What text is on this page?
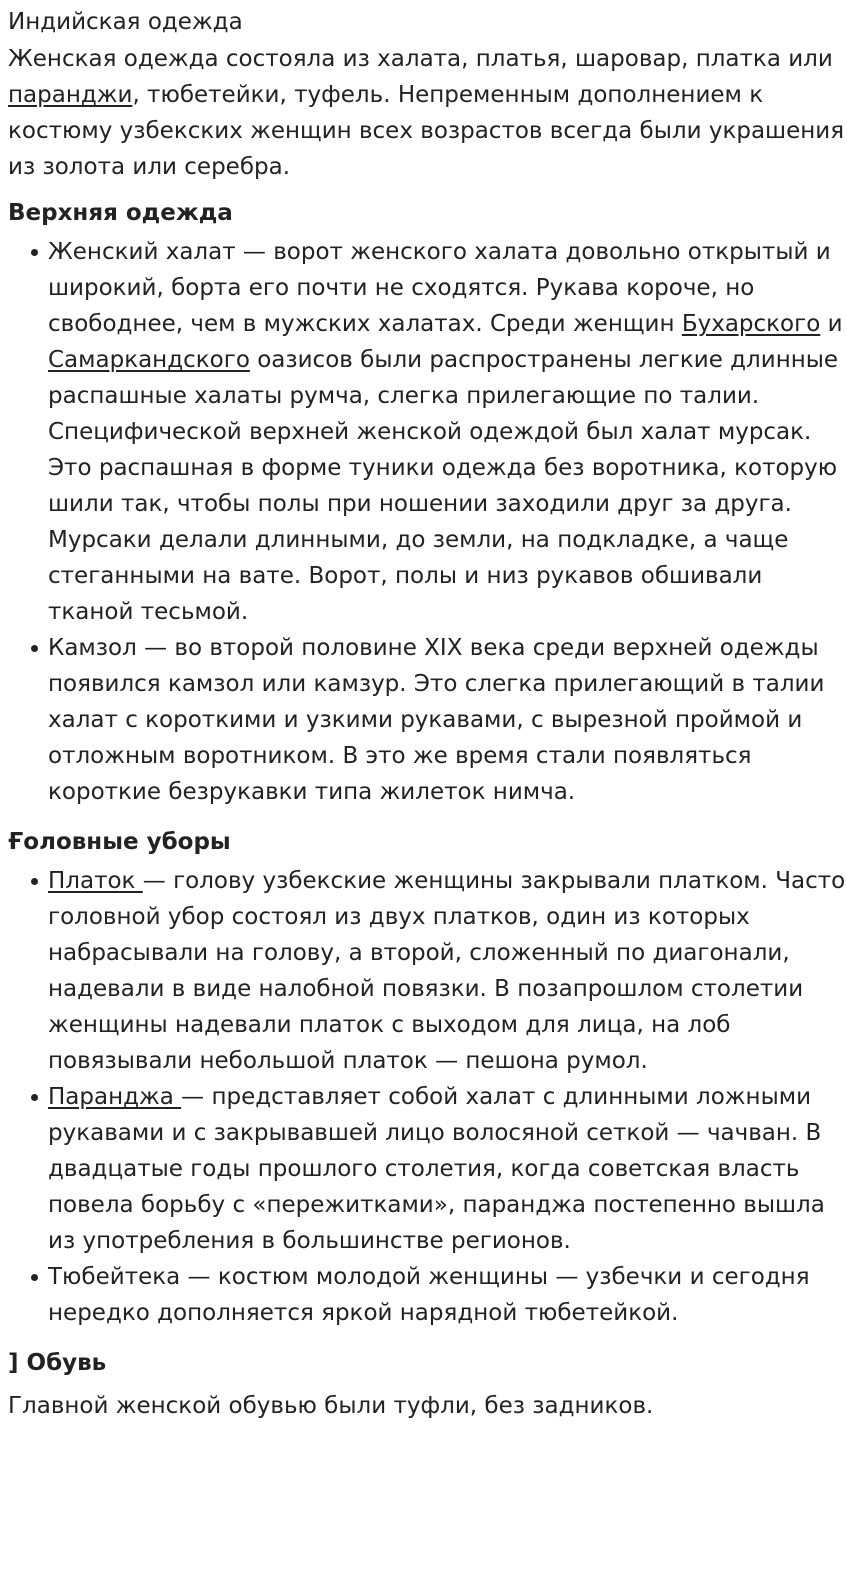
Индийская одежда

Женская одежда состояла из халата, платья, шаровар, платка или паранджи, тюбетейки, туфель. Непременным дополнением к костюму узбекских женщин всех возрастов всегда были украшения из золота или серебра.

Верхняя одежда

Женский халат — ворот женского халата довольно открытый и широкий, борта его почти не сходятся. Рукава короче, но свободнее, чем в мужских халатах. Среди женщин Бухарского и Самаркандского оазисов были распространены легкие длинные распашные халаты румча, слегка прилегающие по талии. Специфической верхней женской одеждой был халат мурсак. Это распашная в форме туники одежда без воротника, которую шили так, чтобы полы при ношении заходили друг за друга. Мурсаки делали длинными, до земли, на подкладке, а чаще стеганными на вате. Ворот, полы и низ рукавов обшивали тканой тесьмой.
Камзол — во второй половине XIX века среди верхней одежды появился камзол или камзур. Это слегка прилегающий в талии халат с короткими и узкими рукавами, с вырезной проймой и отложным воротником. В это же время стали появляться короткие безрукавки типа жилеток нимча.

Ғоловные уборы

Платок — голову узбекские женщины закрывали платком. Часто головной убор состоял из двух платков, один из которых набрасывали на голову, а второй, сложенный по диагонали, надевали в виде налобной повязки. В позапрошлом столетии женщины надевали платок с выходом для лица, на лоб повязывали небольшой платок — пешона румол.
Паранджа — представляет собой халат с длинными ложными рукавами и с закрывавшей лицо волосяной сеткой — чачван. В двадцатые годы прошлого столетия, когда советская власть повела борьбу с «пережитками», паранджа постепенно вышла из употребления в большинстве регионов.
Тюбейтека — костюм молодой женщины — узбечки и сегодня нередко дополняется яркой нарядной тюбетейкой.

] Обувь

Главной женской обувью были туфли, без задников.
